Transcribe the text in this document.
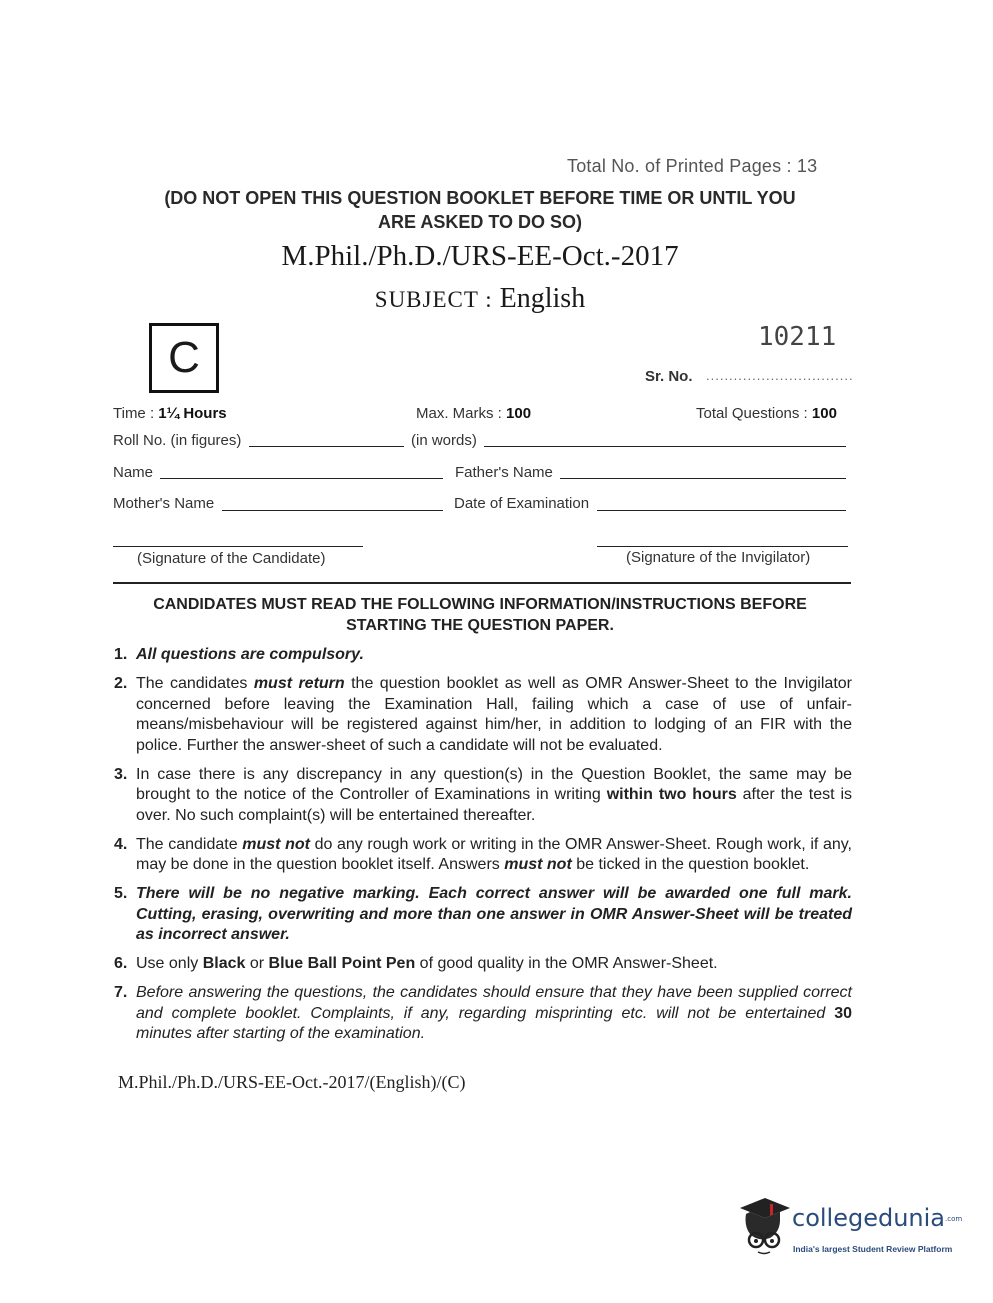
Total No. of Printed Pages : 13
(DO NOT OPEN THIS QUESTION BOOKLET BEFORE TIME OR UNTIL YOU
ARE ASKED TO DO SO)
M.Phil./Ph.D./URS-EE-Oct.-2017
SUBJECT : English
C	10211
Sr. No. ................................
Time : 1¼ Hours	Max. Marks : 100	Total Questions : 100
Roll No. (in figures)	(in words)
Name	Father's Name
Mother's Name	Date of Examination
(Signature of the Candidate)	(Signature of the Invigilator)
CANDIDATES MUST READ THE FOLLOWING INFORMATION/INSTRUCTIONS BEFORE
STARTING THE QUESTION PAPER.
1. All questions are compulsory.
2. The candidates must return the question booklet as well as OMR Answer-Sheet to the Invigilator concerned before leaving the Examination Hall, failing which a case of use of unfair-means/misbehaviour will be registered against him/her, in addition to lodging of an FIR with the police. Further the answer-sheet of such a candidate will not be evaluated.
3. In case there is any discrepancy in any question(s) in the Question Booklet, the same may be brought to the notice of the Controller of Examinations in writing within two hours after the test is over. No such complaint(s) will be entertained thereafter.
4. The candidate must not do any rough work or writing in the OMR Answer-Sheet. Rough work, if any, may be done in the question booklet itself. Answers must not be ticked in the question booklet.
5. There will be no negative marking. Each correct answer will be awarded one full mark. Cutting, erasing, overwriting and more than one answer in OMR Answer-Sheet will be treated as incorrect answer.
6. Use only Black or Blue Ball Point Pen of good quality in the OMR Answer-Sheet.
7. Before answering the questions, the candidates should ensure that they have been supplied correct and complete booklet. Complaints, if any, regarding misprinting etc. will not be entertained 30 minutes after starting of the examination.
M.Phil./Ph.D./URS-EE-Oct.-2017/(English)/(C)
collegedunia.com
India's largest Student Review Platform
